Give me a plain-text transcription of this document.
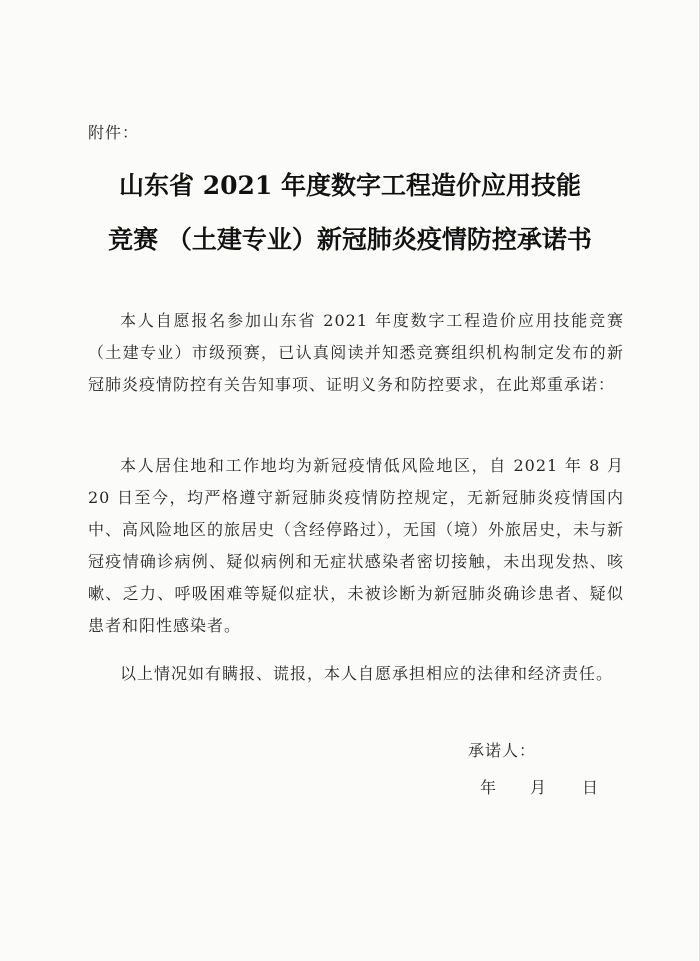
附件：
山东省 2021 年度数字工程造价应用技能
竞赛 （土建专业）新冠肺炎疫情防控承诺书

本人自愿报名参加山东省 2021 年度数字工程造价应用技能竞赛（土建专业）市级预赛，已认真阅读并知悉竞赛组织机构制定发布的新冠肺炎疫情防控有关告知事项、证明义务和防控要求，在此郑重承诺：

本人居住地和工作地均为新冠疫情低风险地区，自 2021 年 8 月 20 日至今，均严格遵守新冠肺炎疫情防控规定，无新冠肺炎疫情国内中、高风险地区的旅居史（含经停路过），无国（境）外旅居史，未与新冠疫情确诊病例、疑似病例和无症状感染者密切接触，未出现发热、咳嗽、乏力、呼吸困难等疑似症状，未被诊断为新冠肺炎确诊患者、疑似患者和阳性感染者。

以上情况如有瞒报、谎报，本人自愿承担相应的法律和经济责任。

承诺人：
年 月 日
